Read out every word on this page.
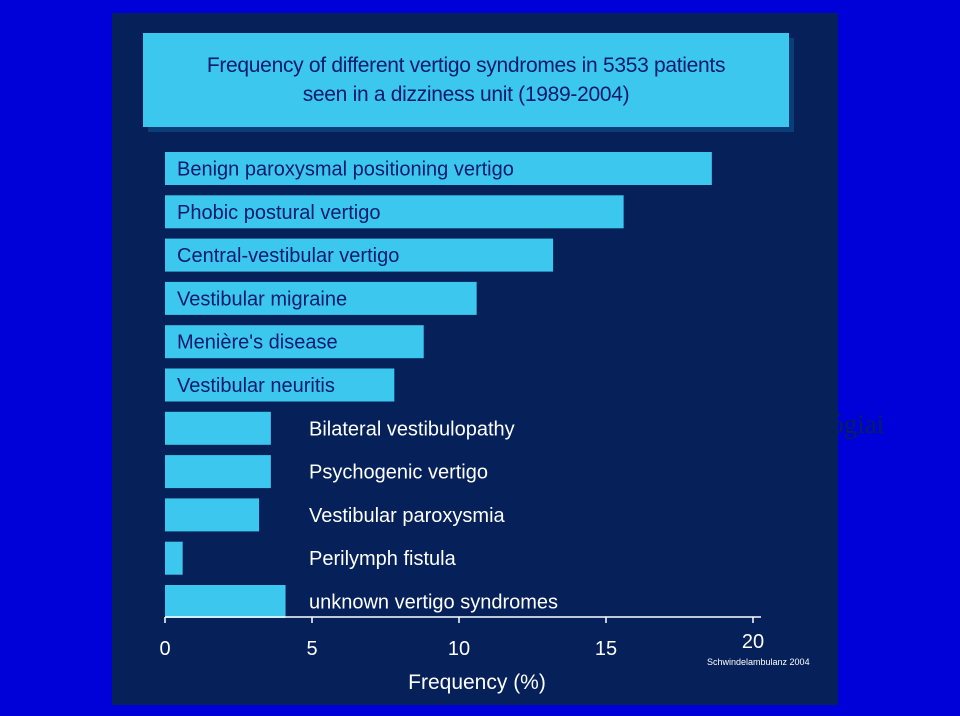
Frequency of different vertigo syndromes in 5353 patients
seen in a dizziness unit (1989-2004)
Benign paroxysmal positioning vertigo
Phobic postural vertigo
Central-vestibular vertigo
Vestibular migraine
Menière's disease
Vestibular neuritis
Bilateral vestibulopathy
Psychogenic vertigo
Vestibular paroxysmia
Perilymph fistula
unknown vertigo syndromes
0	5	10	15	20
Frequency (%)
Müncheni Neurológiai
Klinika adata
Schwindelambulanz 2004
